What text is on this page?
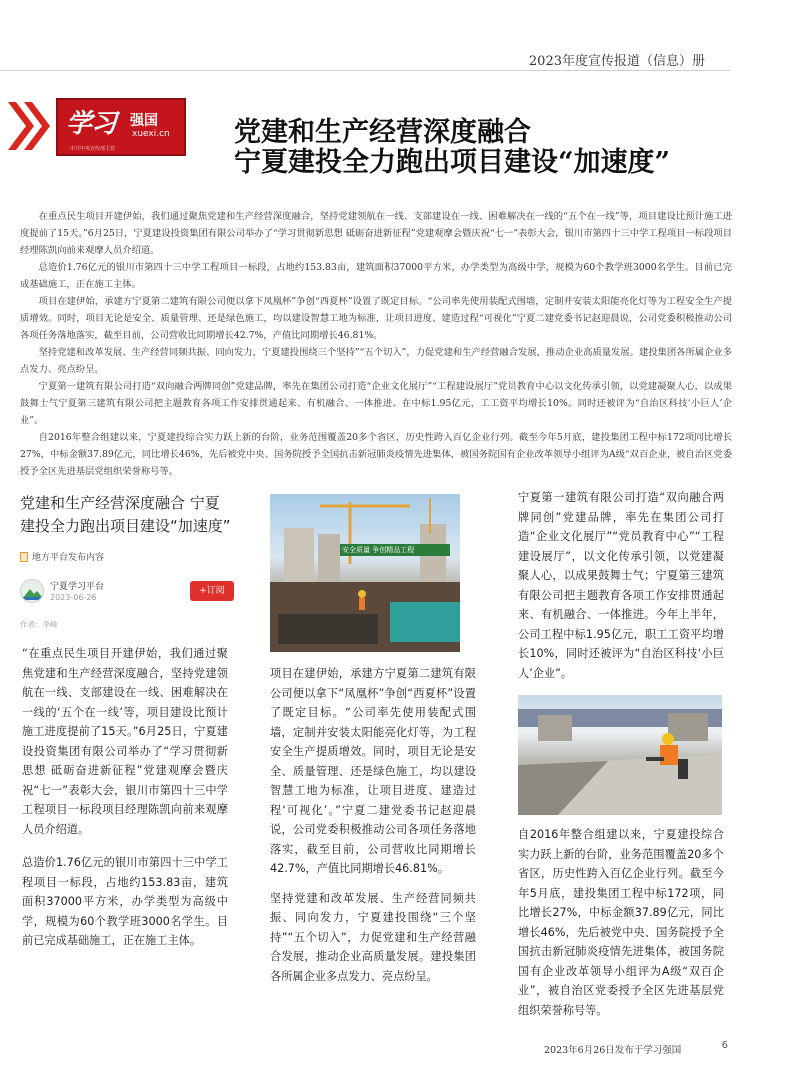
2023年度宣传报道（信息）册
学习 强国
xuexi.cn
中共中央宣传部主管
党建和生产经营深度融合
宁夏建投全力跑出项目建设“加速度”

在重点民生项目开建伊始，我们通过聚焦党建和生产经营深度融合，坚持党建领航在一线、支部建设在一线、困难解决在一线的“五个在一线”等，项目建设比预计施工进度提前了15天。”6月25日，宁夏建设投资集团有限公司举办了“学习贯彻新思想 砥砺奋进新征程”党建观摩会暨庆祝“七一”表彰大会，银川市第四十三中学工程项目一标段项目经理陈凯向前来观摩人员介绍道。

总造价1.76亿元的银川市第四十三中学工程项目一标段，占地约153.83亩，建筑面积37000平方米，办学类型为高级中学，规模为60个教学班3000名学生。目前已完成基础施工，正在施工主体。

项目在建伊始，承建方宁夏第二建筑有限公司便以拿下凤凰杯”争创“西夏杯”设置了既定目标。“公司率先使用装配式围墙，定制并安装太阳能亮化灯等为工程安全生产提质增效。同时，项目无论是安全、质量管理、还是绿色施工，均以建设智慧工地为标准，让项目进度、建造过程“可视化”宁夏二建党委书记赵迎晨说，公司党委积极推动公司各项任务落地落实，截至目前，公司营收比同期增长42.7%，产值比同期增长46.81%。

坚持党建和改革发展、生产经营同频共振、同向发力，宁夏建投围绕三个坚持”“五个切入”，力促党建和生产经营融合发展，推动企业高质量发展。建投集团各所属企业多点发力、亮点纷呈。

宁夏第一建筑有限公司打造“双向融合两牌同创”党建品牌，率先在集团公司打造“企业文化展厅”“工程建设展厅”党员教育中心以文化传承引领，以党建凝聚人心，以成果鼓舞士气宁夏第三建筑有限公司把主题教育各项工作安排贯通起来、有机融合、一体推进。在中标1.95亿元，工工资平均增长10%。同时还被评为“自治区科技‘小巨人’企业”。

自2016年整合组建以来，宁夏建投综合实力跃上新的台阶，业务范围覆盖20多个省区，历史性跨入百亿企业行列。截至今年5月底，建投集团工程中标172项同比增长27%，中标金额37.89亿元，同比增长46%，先后被党中央、国务院授予全国抗击新冠肺炎疫情先进集体，被国务院国有企业改革领导小组评为A级“双百企业，被自治区党委授予全区先进基层党组织荣誉称号等。

党建和生产经营深度融合 宁夏建投全力跑出项目建设“加速度”
地方平台发布内容
宁夏学习平台
2023-06-26
+订阅
作者：李峰

“在重点民生项目开建伊始，我们通过聚焦党建和生产经营深度融合，坚持党建领航在一线、支部建设在一线、困难解决在一线的‘五个在一线’等，项目建设比预计施工进度提前了15天。”6月25日，宁夏建设投资集团有限公司举办了“学习贯彻新思想 砥砺奋进新征程”党建观摩会暨庆祝“七一”表彰大会，银川市第四十三中学工程项目一标段项目经理陈凯向前来观摩人员介绍道。

总造价1.76亿元的银川市第四十三中学工程项目一标段，占地约153.83亩，建筑面积37000平方米，办学类型为高级中学，规模为60个教学班3000名学生。目前已完成基础施工，正在施工主体。

安全质量 争创精品工程

项目在建伊始，承建方宁夏第二建筑有限公司便以拿下“凤凰杯”争创“西夏杯”设置了既定目标。“公司率先使用装配式围墙，定制并安装太阳能亮化灯等，为工程安全生产提质增效。同时，项目无论是安全、质量管理、还是绿色施工，均以建设智慧工地为标准，让项目进度、建造过程‘可视化’。”宁夏二建党委书记赵迎晨说，公司党委积极推动公司各项任务落地落实，截至目前，公司营收比同期增长42.7%，产值比同期增长46.81%。

坚持党建和改革发展、生产经营同频共振、同向发力，宁夏建投围绕“三个坚持”“五个切入”，力促党建和生产经营融合发展，推动企业高质量发展。建投集团各所属企业多点发力、亮点纷呈。

宁夏第一建筑有限公司打造“双向融合两牌同创”党建品牌，率先在集团公司打造“企业文化展厅”“党员教育中心”“工程建设展厅”，以文化传承引领，以党建凝聚人心，以成果鼓舞士气；宁夏第三建筑有限公司把主题教育各项工作安排贯通起来、有机融合、一体推进。今年上半年，公司工程中标1.95亿元，职工工资平均增长10%，同时还被评为“自治区科技‘小巨人’企业”。
自2016年整合组建以来，宁夏建投综合实力跃上新的台阶，业务范围覆盖20多个省区，历史性跨入百亿企业行列。截至今年5月底，建投集团工程中标172项，同比增长27%，中标金额37.89亿元，同比增长46%，先后被党中央、国务院授予全国抗击新冠肺炎疫情先进集体，被国务院国有企业改革领导小组评为A级“双百企业”，被自治区党委授予全区先进基层党组织荣誉称号等。
2023年6月26日发布于学习强国	6
